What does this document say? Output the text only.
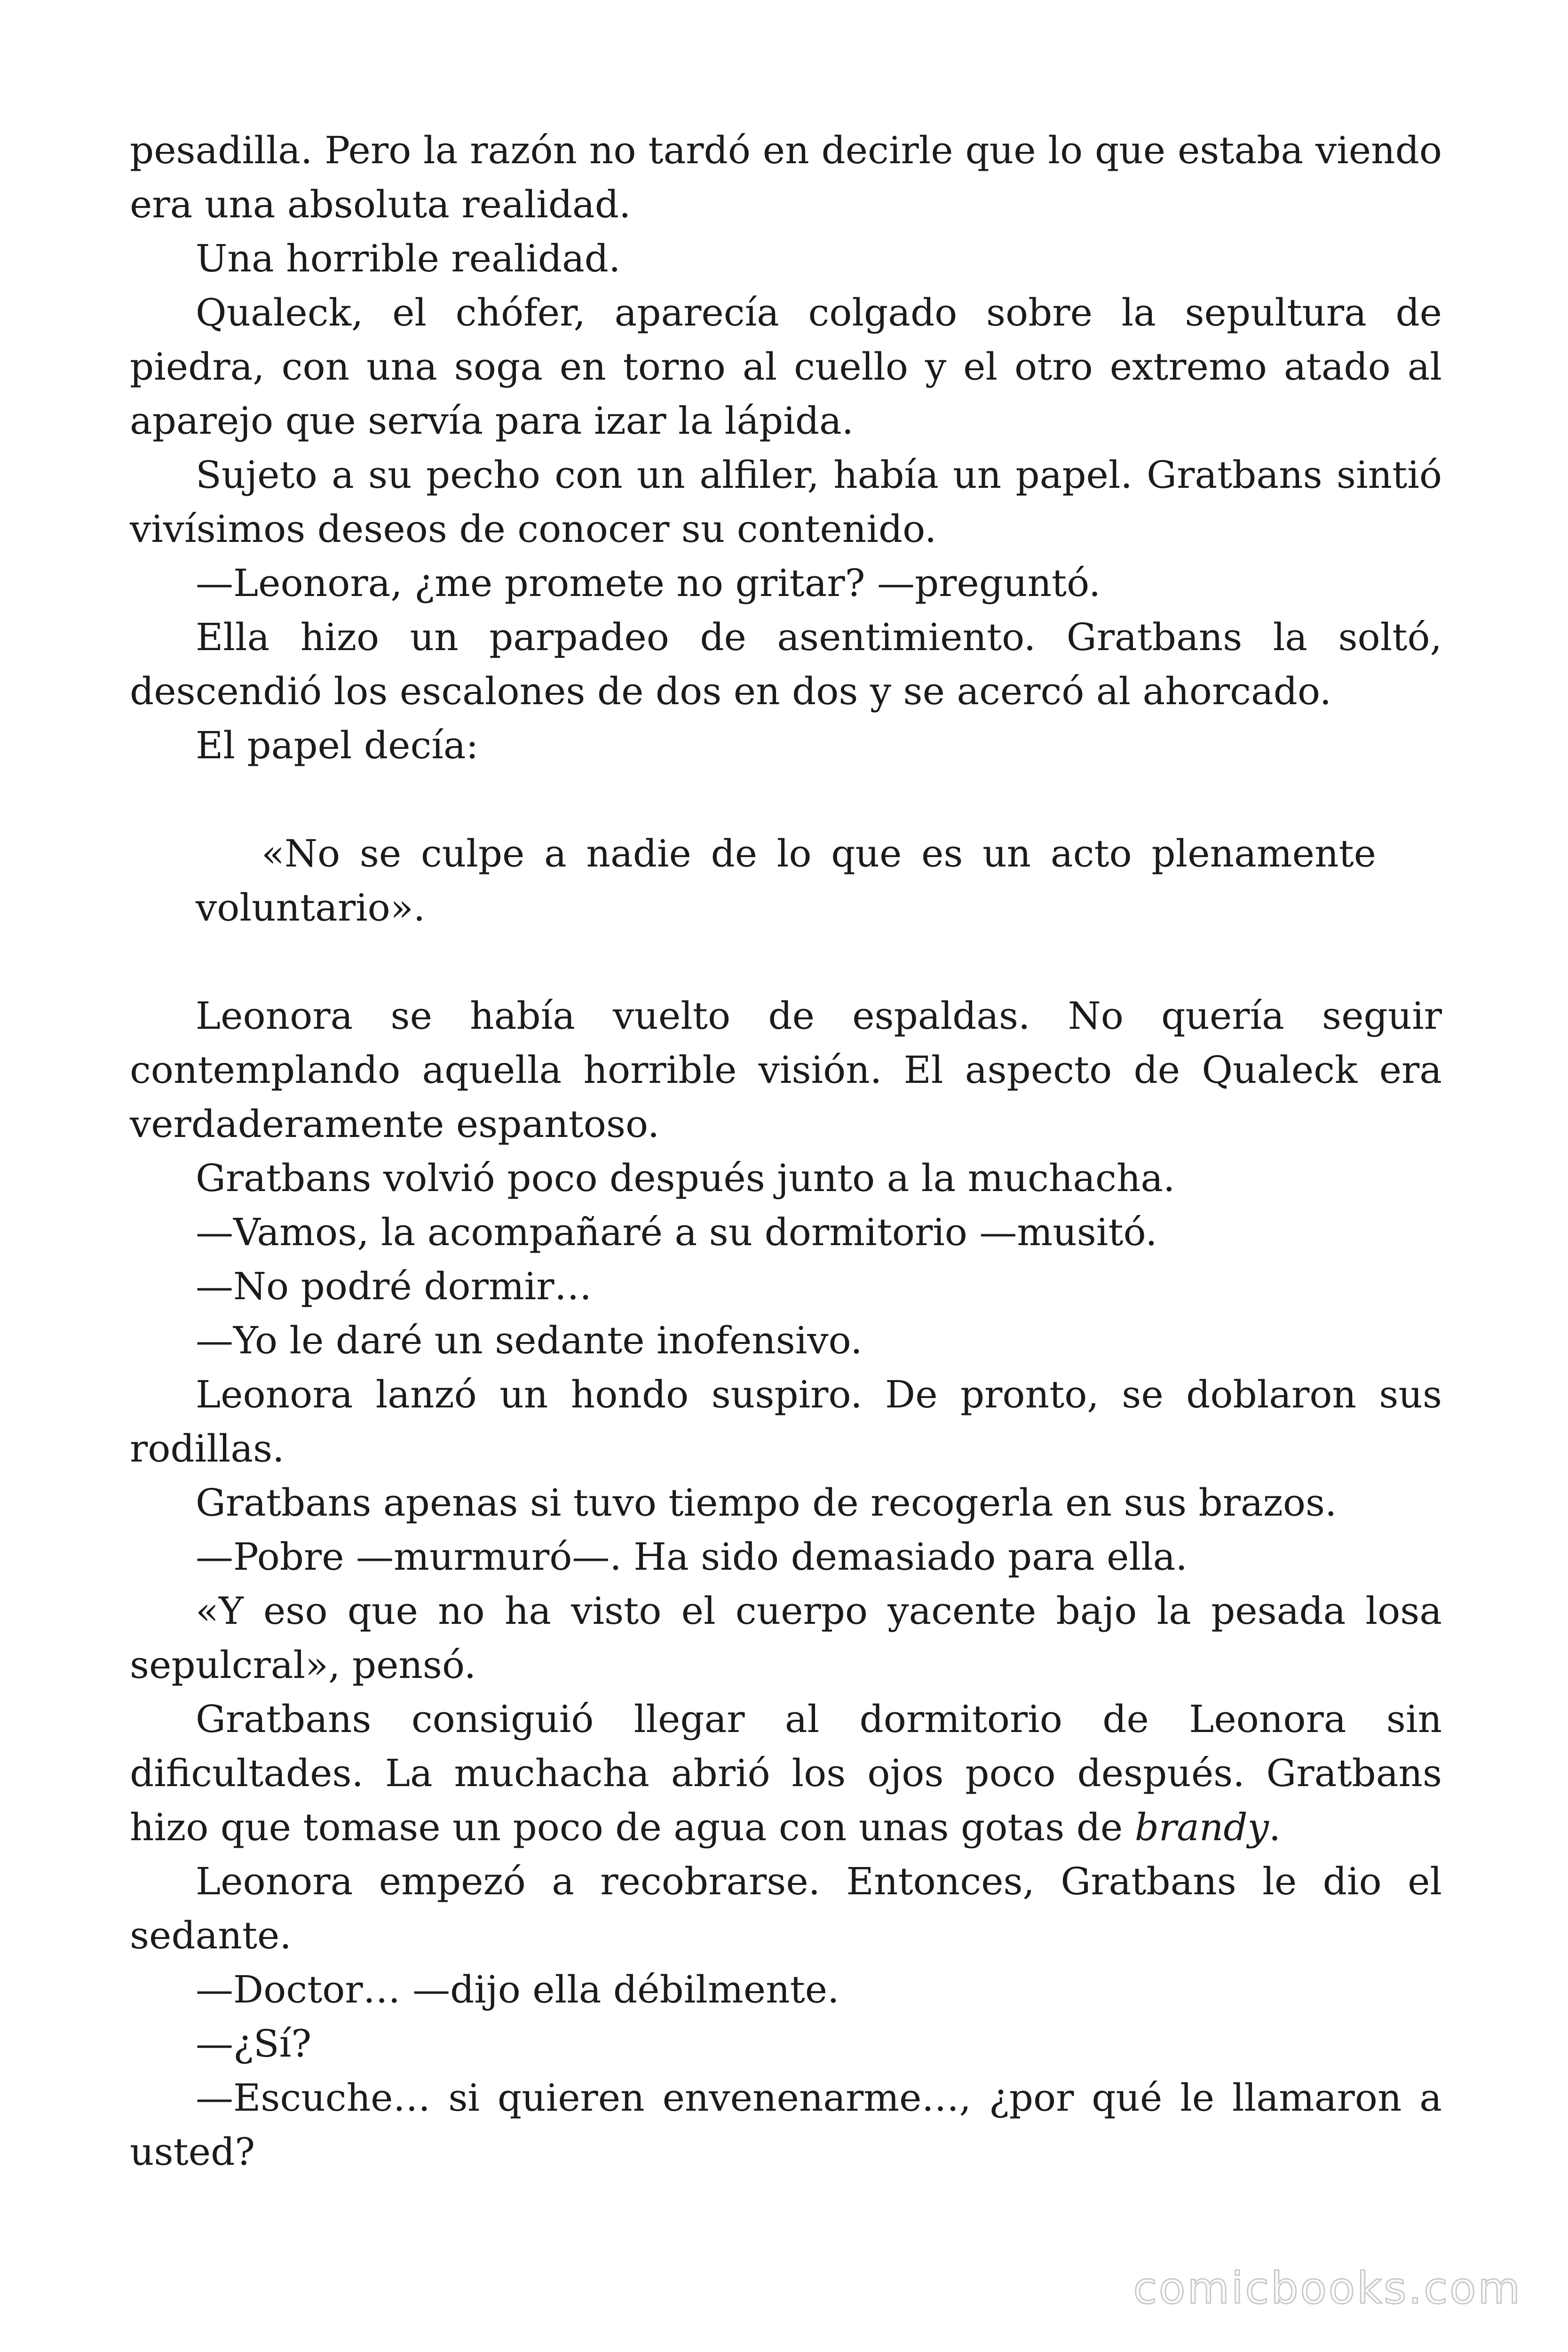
pesadilla. Pero la razón no tardó en decirle que lo que estaba viendo era una absoluta realidad.

Una horrible realidad.

Qualeck, el chófer, aparecía colgado sobre la sepultura de piedra, con una soga en torno al cuello y el otro extremo atado al aparejo que servía para izar la lápida.

Sujeto a su pecho con un alfiler, había un papel. Gratbans sintió vivísimos deseos de conocer su contenido.

—Leonora, ¿me promete no gritar? —preguntó.

Ella hizo un parpadeo de asentimiento. Gratbans la soltó, descendió los escalones de dos en dos y se acercó al ahorcado.

El papel decía:

«No se culpe a nadie de lo que es un acto plenamente voluntario».

Leonora se había vuelto de espaldas. No quería seguir contemplando aquella horrible visión. El aspecto de Qualeck era verdaderamente espantoso.

Gratbans volvió poco después junto a la muchacha.

—Vamos, la acompañaré a su dormitorio —musitó.

—No podré dormir…

—Yo le daré un sedante inofensivo.

Leonora lanzó un hondo suspiro. De pronto, se doblaron sus rodillas.

Gratbans apenas si tuvo tiempo de recogerla en sus brazos.

—Pobre —murmuró—. Ha sido demasiado para ella.

«Y eso que no ha visto el cuerpo yacente bajo la pesada losa sepulcral», pensó.

Gratbans consiguió llegar al dormitorio de Leonora sin dificultades. La muchacha abrió los ojos poco después. Gratbans hizo que tomase un poco de agua con unas gotas de brandy.

Leonora empezó a recobrarse. Entonces, Gratbans le dio el sedante.

—Doctor… —dijo ella débilmente.

—¿Sí?

—Escuche… si quieren envenenarme…, ¿por qué le llamaron a usted?

comicbooks.com
